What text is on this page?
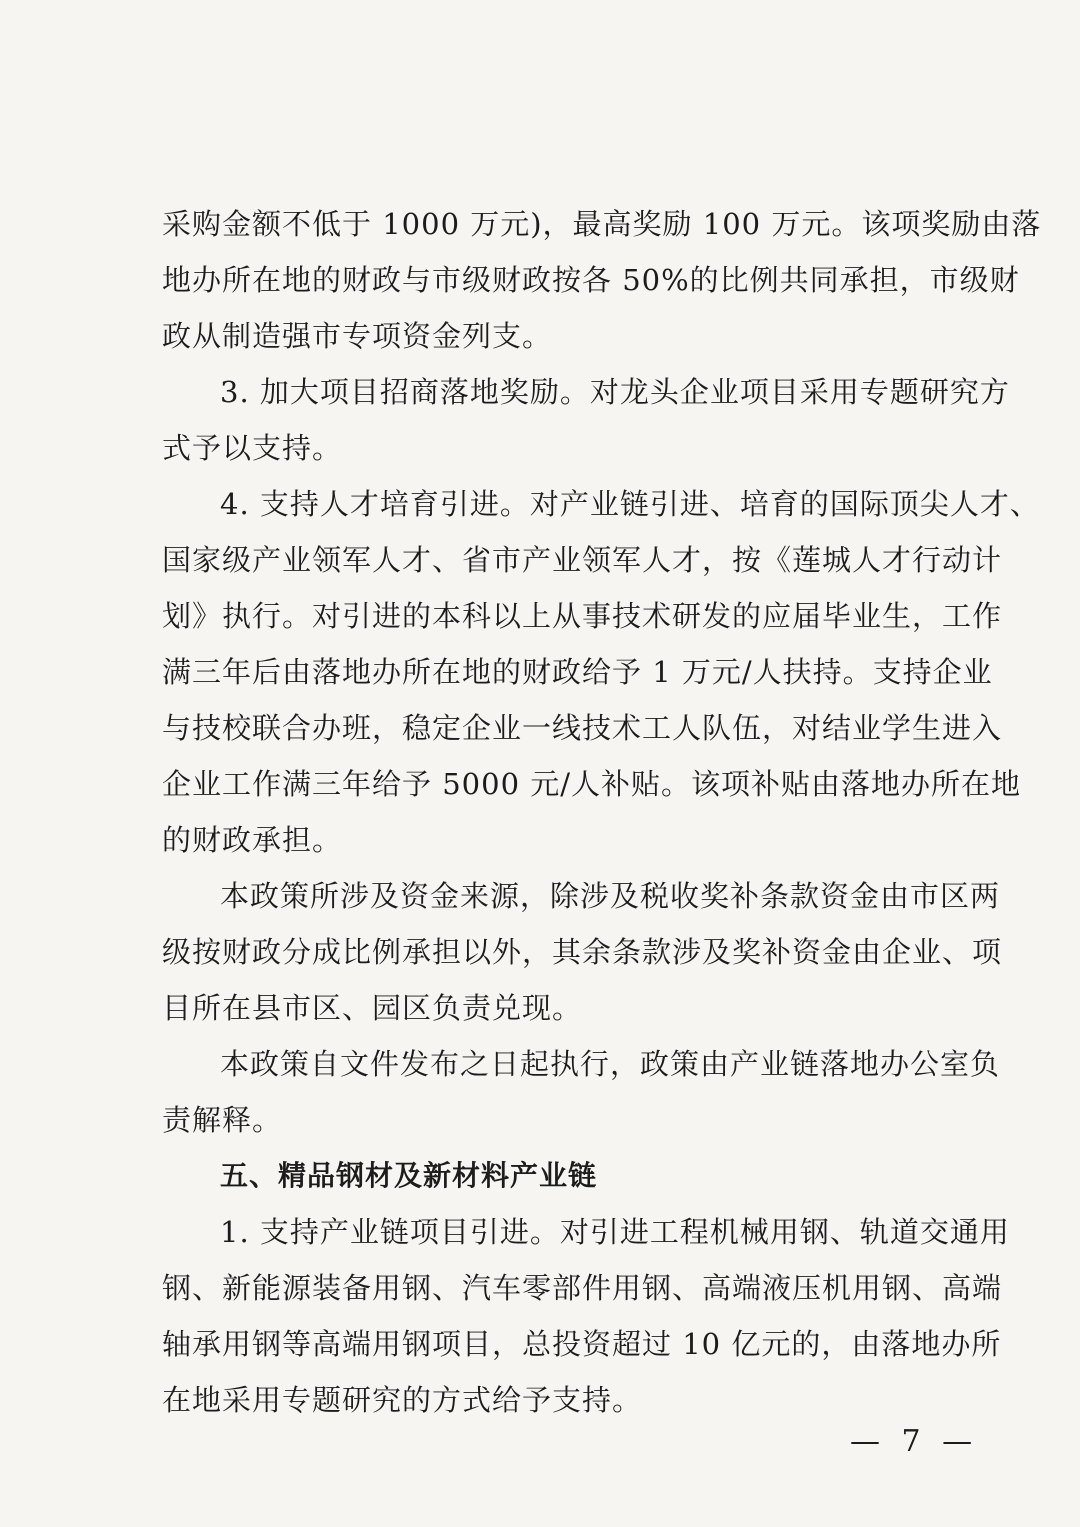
采购金额不低于 1000 万元)，最高奖励 100 万元。该项奖励由落
地办所在地的财政与市级财政按各 50%的比例共同承担，市级财
政从制造强市专项资金列支。
3. 加大项目招商落地奖励。对龙头企业项目采用专题研究方
式予以支持。
4. 支持人才培育引进。对产业链引进、培育的国际顶尖人才、
国家级产业领军人才、省市产业领军人才，按《莲城人才行动计
划》执行。对引进的本科以上从事技术研发的应届毕业生，工作
满三年后由落地办所在地的财政给予 1 万元/人扶持。支持企业
与技校联合办班，稳定企业一线技术工人队伍，对结业学生进入
企业工作满三年给予 5000 元/人补贴。该项补贴由落地办所在地
的财政承担。
本政策所涉及资金来源，除涉及税收奖补条款资金由市区两
级按财政分成比例承担以外，其余条款涉及奖补资金由企业、项
目所在县市区、园区负责兑现。
本政策自文件发布之日起执行，政策由产业链落地办公室负
责解释。
五、精品钢材及新材料产业链
1. 支持产业链项目引进。对引进工程机械用钢、轨道交通用
钢、新能源装备用钢、汽车零部件用钢、高端液压机用钢、高端
轴承用钢等高端用钢项目，总投资超过 10 亿元的，由落地办所
在地采用专题研究的方式给予支持。
— 7 —
